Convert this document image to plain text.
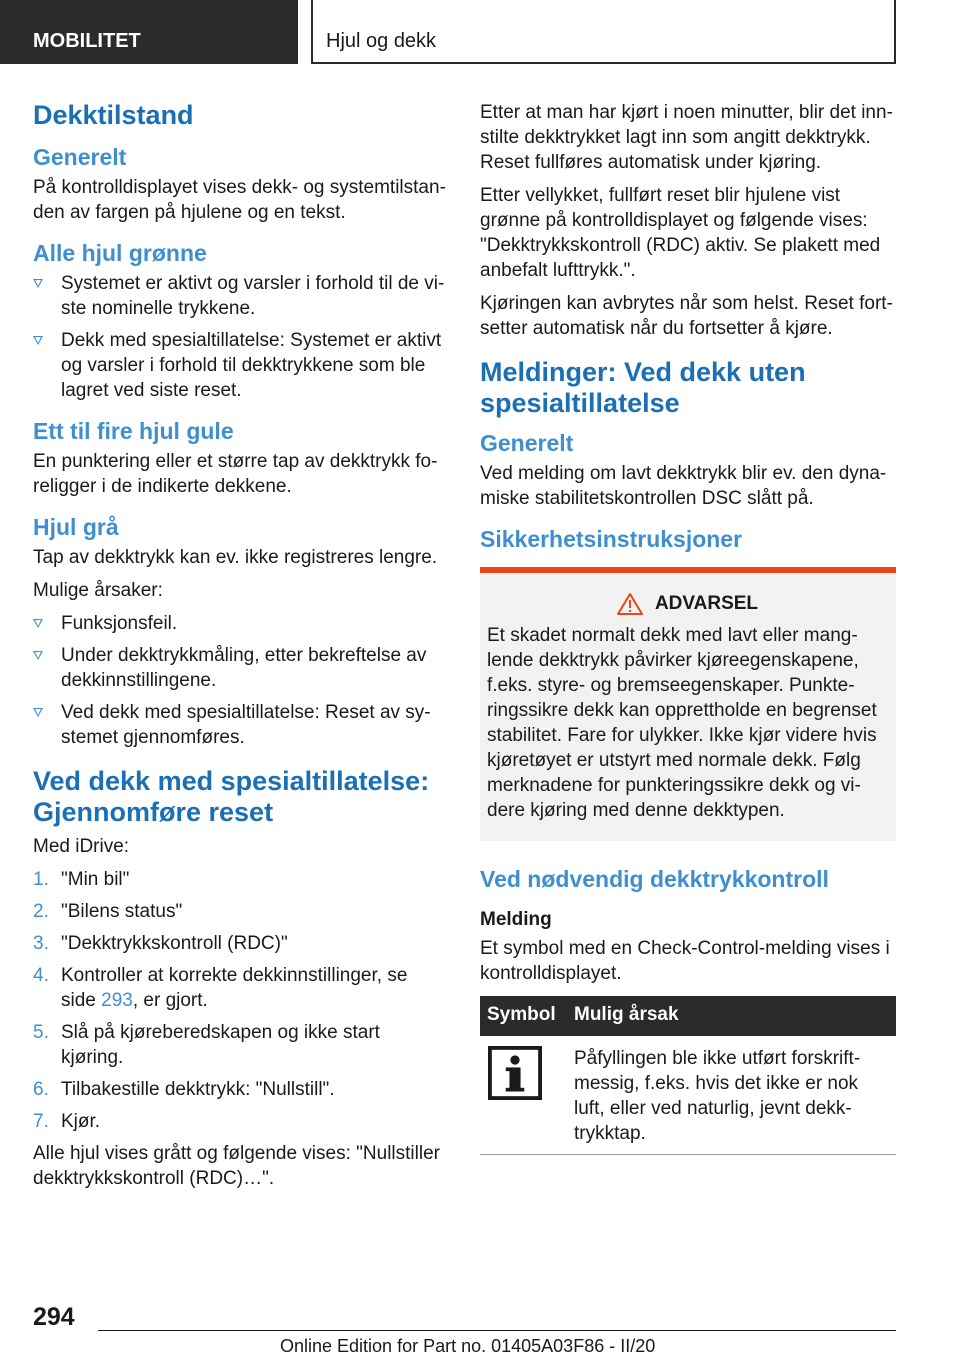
MOBILITET	Hjul og dekk
Dekktilstand
Generelt
På kontrolldisplayet vises dekk- og systemtilstanden av fargen på hjulene og en tekst.
Alle hjul grønne
Systemet er aktivt og varsler i forhold til de viste nominelle trykkene.
Dekk med spesialtillatelse: Systemet er aktivt og varsler i forhold til dekktrykkene som ble lagret ved siste reset.
Ett til fire hjul gule
En punktering eller et større tap av dekktrykk foreligger i de indikerte dekkene.
Hjul grå
Tap av dekktrykk kan ev. ikke registreres lengre.
Mulige årsaker:
Funksjonsfeil.
Under dekktrykkmåling, etter bekreftelse av dekkinnstillingene.
Ved dekk med spesialtillatelse: Reset av systemet gjennomføres.
Ved dekk med spesialtillatelse: Gjennomføre reset
Med iDrive:
1. "Min bil"
2. "Bilens status"
3. "Dekktrykkskontroll (RDC)"
4. Kontroller at korrekte dekkinnstillinger, se side 293, er gjort.
5. Slå på kjøreberedskapen og ikke start kjøring.
6. Tilbakestille dekktrykk: "Nullstill".
7. Kjør.
Alle hjul vises grått og følgende vises: "Nullstiller dekktrykkskontroll (RDC)…".
Etter at man har kjørt i noen minutter, blir det innstilte dekktrykket lagt inn som angitt dekktrykk. Reset fullføres automatisk under kjøring.
Etter vellykket, fullført reset blir hjulene vist grønne på kontrolldisplayet og følgende vises: "Dekktrykkskontroll (RDC) aktiv. Se plakett med anbefalt lufttrykk.".
Kjøringen kan avbrytes når som helst. Reset fortsetter automatisk når du fortsetter å kjøre.
Meldinger: Ved dekk uten spesialtillatelse
Generelt
Ved melding om lavt dekktrykk blir ev. den dynamiske stabilitetskontrollen DSC slått på.
Sikkerhetsinstruksjoner
ADVARSEL

Et skadet normalt dekk med lavt eller manglende dekktrykk påvirker kjøreegenskapene, f.eks. styre- og bremseegenskaper. Punkteringssikre dekk kan opprettholde en begrenset stabilitet. Fare for ulykker. Ikke kjør videre hvis kjøretøyet er utstyrt med normale dekk. Følg merknadene for punkteringssikre dekk og videre kjøring med denne dekktypen.

Ved nødvendig dekktrykkontroll
Melding
Et symbol med en Check-Control-melding vises i kontrolldisplayet.
Symbol	Mulig årsak
	Påfyllingen ble ikke utført forskriftmessig, f.eks. hvis det ikke er nok luft, eller ved naturlig, jevnt dekktrykktap.
294
Online Edition for Part no. 01405A03F86 - II/20
